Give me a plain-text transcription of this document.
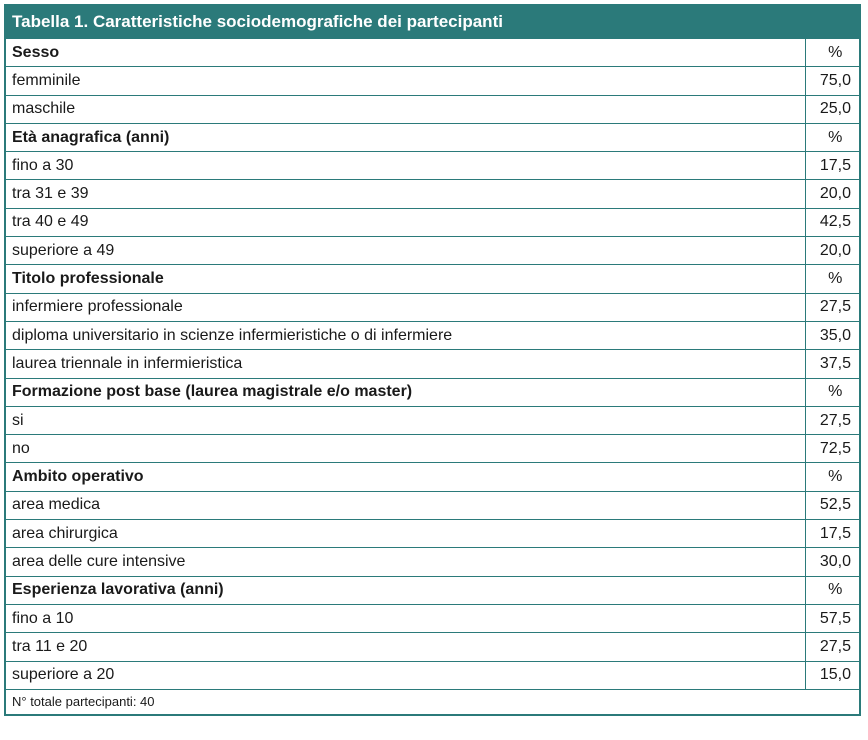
Tabella 1. Caratteristiche sociodemografiche dei partecipanti
Sesso	%
femminile	75,0
maschile	25,0
Età anagrafica (anni)	%
fino a 30	17,5
tra 31 e 39	20,0
tra 40 e 49	42,5
superiore a 49	20,0
Titolo professionale	%
infermiere professionale	27,5
diploma universitario in scienze infermieristiche o di infermiere	35,0
laurea triennale in infermieristica	37,5
Formazione post base (laurea magistrale e/o master)	%
si	27,5
no	72,5
Ambito operativo	%
area medica	52,5
area chirurgica	17,5
area delle cure intensive	30,0
Esperienza lavorativa (anni)	%
fino a 10	57,5
tra 11 e 20	27,5
superiore a 20	15,0
N° totale partecipanti: 40
